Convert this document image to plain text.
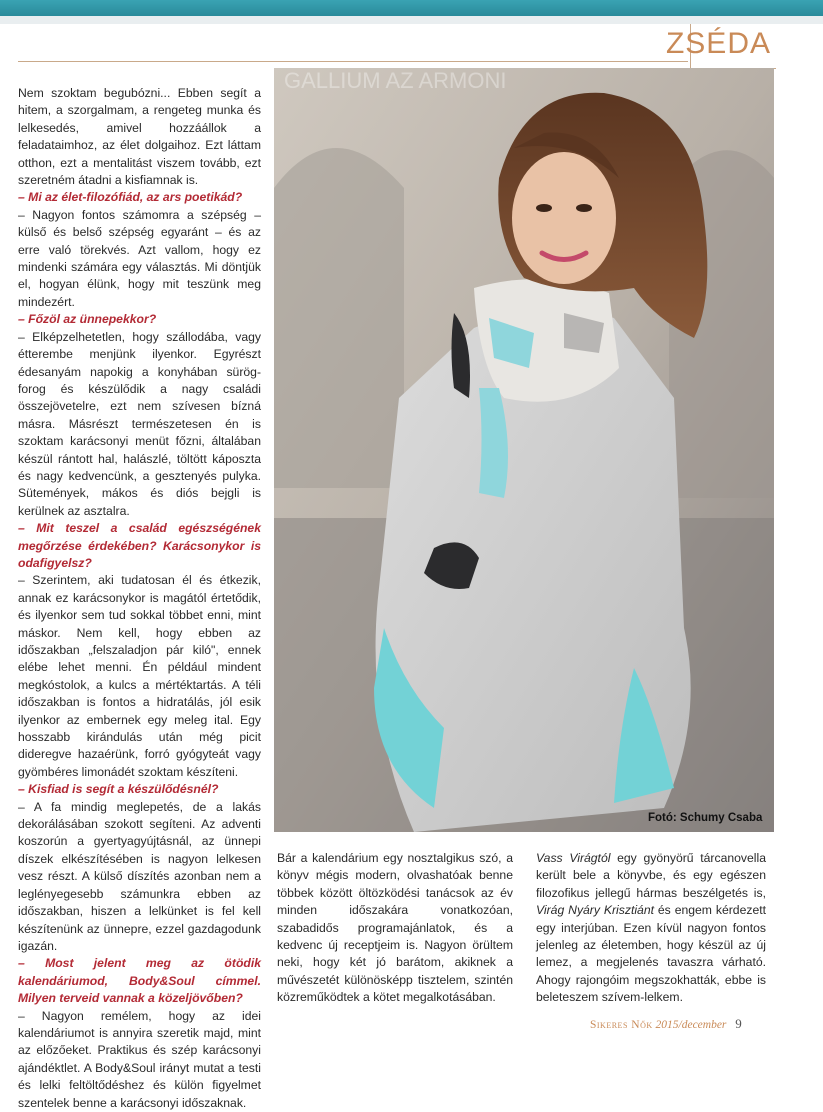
ZSÉDA

Nem szoktam begubózni... Ebben segít a hitem, a szorgalmam, a rengeteg munka és lelkesedés, amivel hozzáállok a feladataimhoz, az élet dolgaihoz. Ezt láttam otthon, ezt a mentalitást viszem tovább, ezt szeretném átadni a kisfiamnak is.

– Mi az élet-filozófiád, az ars poetikád?

– Nagyon fontos számomra a szépség – külső és belső szépség egyaránt – és az erre való törekvés. Azt vallom, hogy ez mindenki számára egy választás. Mi döntjük el, hogyan élünk, hogy mit teszünk meg mindezért.

– Főzöl az ünnepekkor?

– Elképzelhetetlen, hogy szállodába, vagy étterembe menjünk ilyenkor. Egyrészt édesanyám napokig a konyhában sürög-forog és készülődik a nagy családi összejövetelre, ezt nem szívesen bízná másra. Másrészt természetesen én is szoktam karácsonyi menüt főzni, általában készül rántott hal, halászlé, töltött káposzta és nagy kedvencünk, a gesztenyés pulyka. Sütemények, mákos és diós bejgli is kerülnek az asztalra.

– Mit teszel a család egészségének megőrzése érdekében? Karácsonykor is odafigyelsz?

– Szerintem, aki tudatosan él és étkezik, annak ez karácsonykor is magától értetődik, és ilyenkor sem tud sokkal többet enni, mint máskor. Nem kell, hogy ebben az időszakban „felszaladjon pár kiló", ennek elébe lehet menni. Én például mindent megkóstolok, a kulcs a mértéktartás. A téli időszakban is fontos a hidratálás, jól esik ilyenkor az embernek egy meleg ital. Egy hosszabb kirándulás után még picit dideregve hazaérünk, forró gyógyteát vagy gyömbéres limonádét szoktam készíteni.

– Kisfiad is segít a készülődésnél?

– A fa mindig meglepetés, de a lakás dekorálásában szokott segíteni. Az adventi koszorún a gyertyagyújtásnál, az ünnepi díszek elkészítésében is nagyon lelkesen vesz részt. A külső díszítés azonban nem a leglényegesebb számunkra ebben az időszakban, hiszen a lelkünket is fel kell készítenünk az ünnepre, ezzel gazdagodunk igazán.

– Most jelent meg az ötödik kalendáriumod, Body&Soul címmel. Milyen terveid vannak a közeljövőben?

– Nagyon remélem, hogy az idei kalendáriumot is annyira szeretik majd, mint az előzőeket. Praktikus és szép karácsonyi ajándéktlet. A Body&Soul irányt mutat a testi és lelki feltöltődéshez és külön figyelmet szentelek benne a karácsonyi időszaknak.

GALLIUM AZ ARMONI
Fotó: Schumy Csaba

Bár a kalendárium egy nosztalgikus szó, a könyv mégis modern, olvashatóak benne többek között öltözködési tanácsok az év minden időszakára vonatkozóan, szabadidős programajánlatok, és a kedvenc új receptjeim is. Nagyon örültem neki, hogy két jó barátom, akiknek a művészetét különösképp tisztelem, szintén közreműködtek a kötet megalkotásában.

Vass Virágtól egy gyönyörű tárcanovella került bele a könyvbe, és egy egészen filozofikus jellegű hármas beszélgetés is, Virág Nyáry Krisztiánt és engem kérdezett egy interjúban. Ezen kívül nagyon fontos jelenleg az életemben, hogy készül az új lemez, a megjelenés tavaszra várható. Ahogy rajongóim megszokhatták, ebbe is beleteszem szívem-lelkem.

Sikeres Nők 2015/december 9
